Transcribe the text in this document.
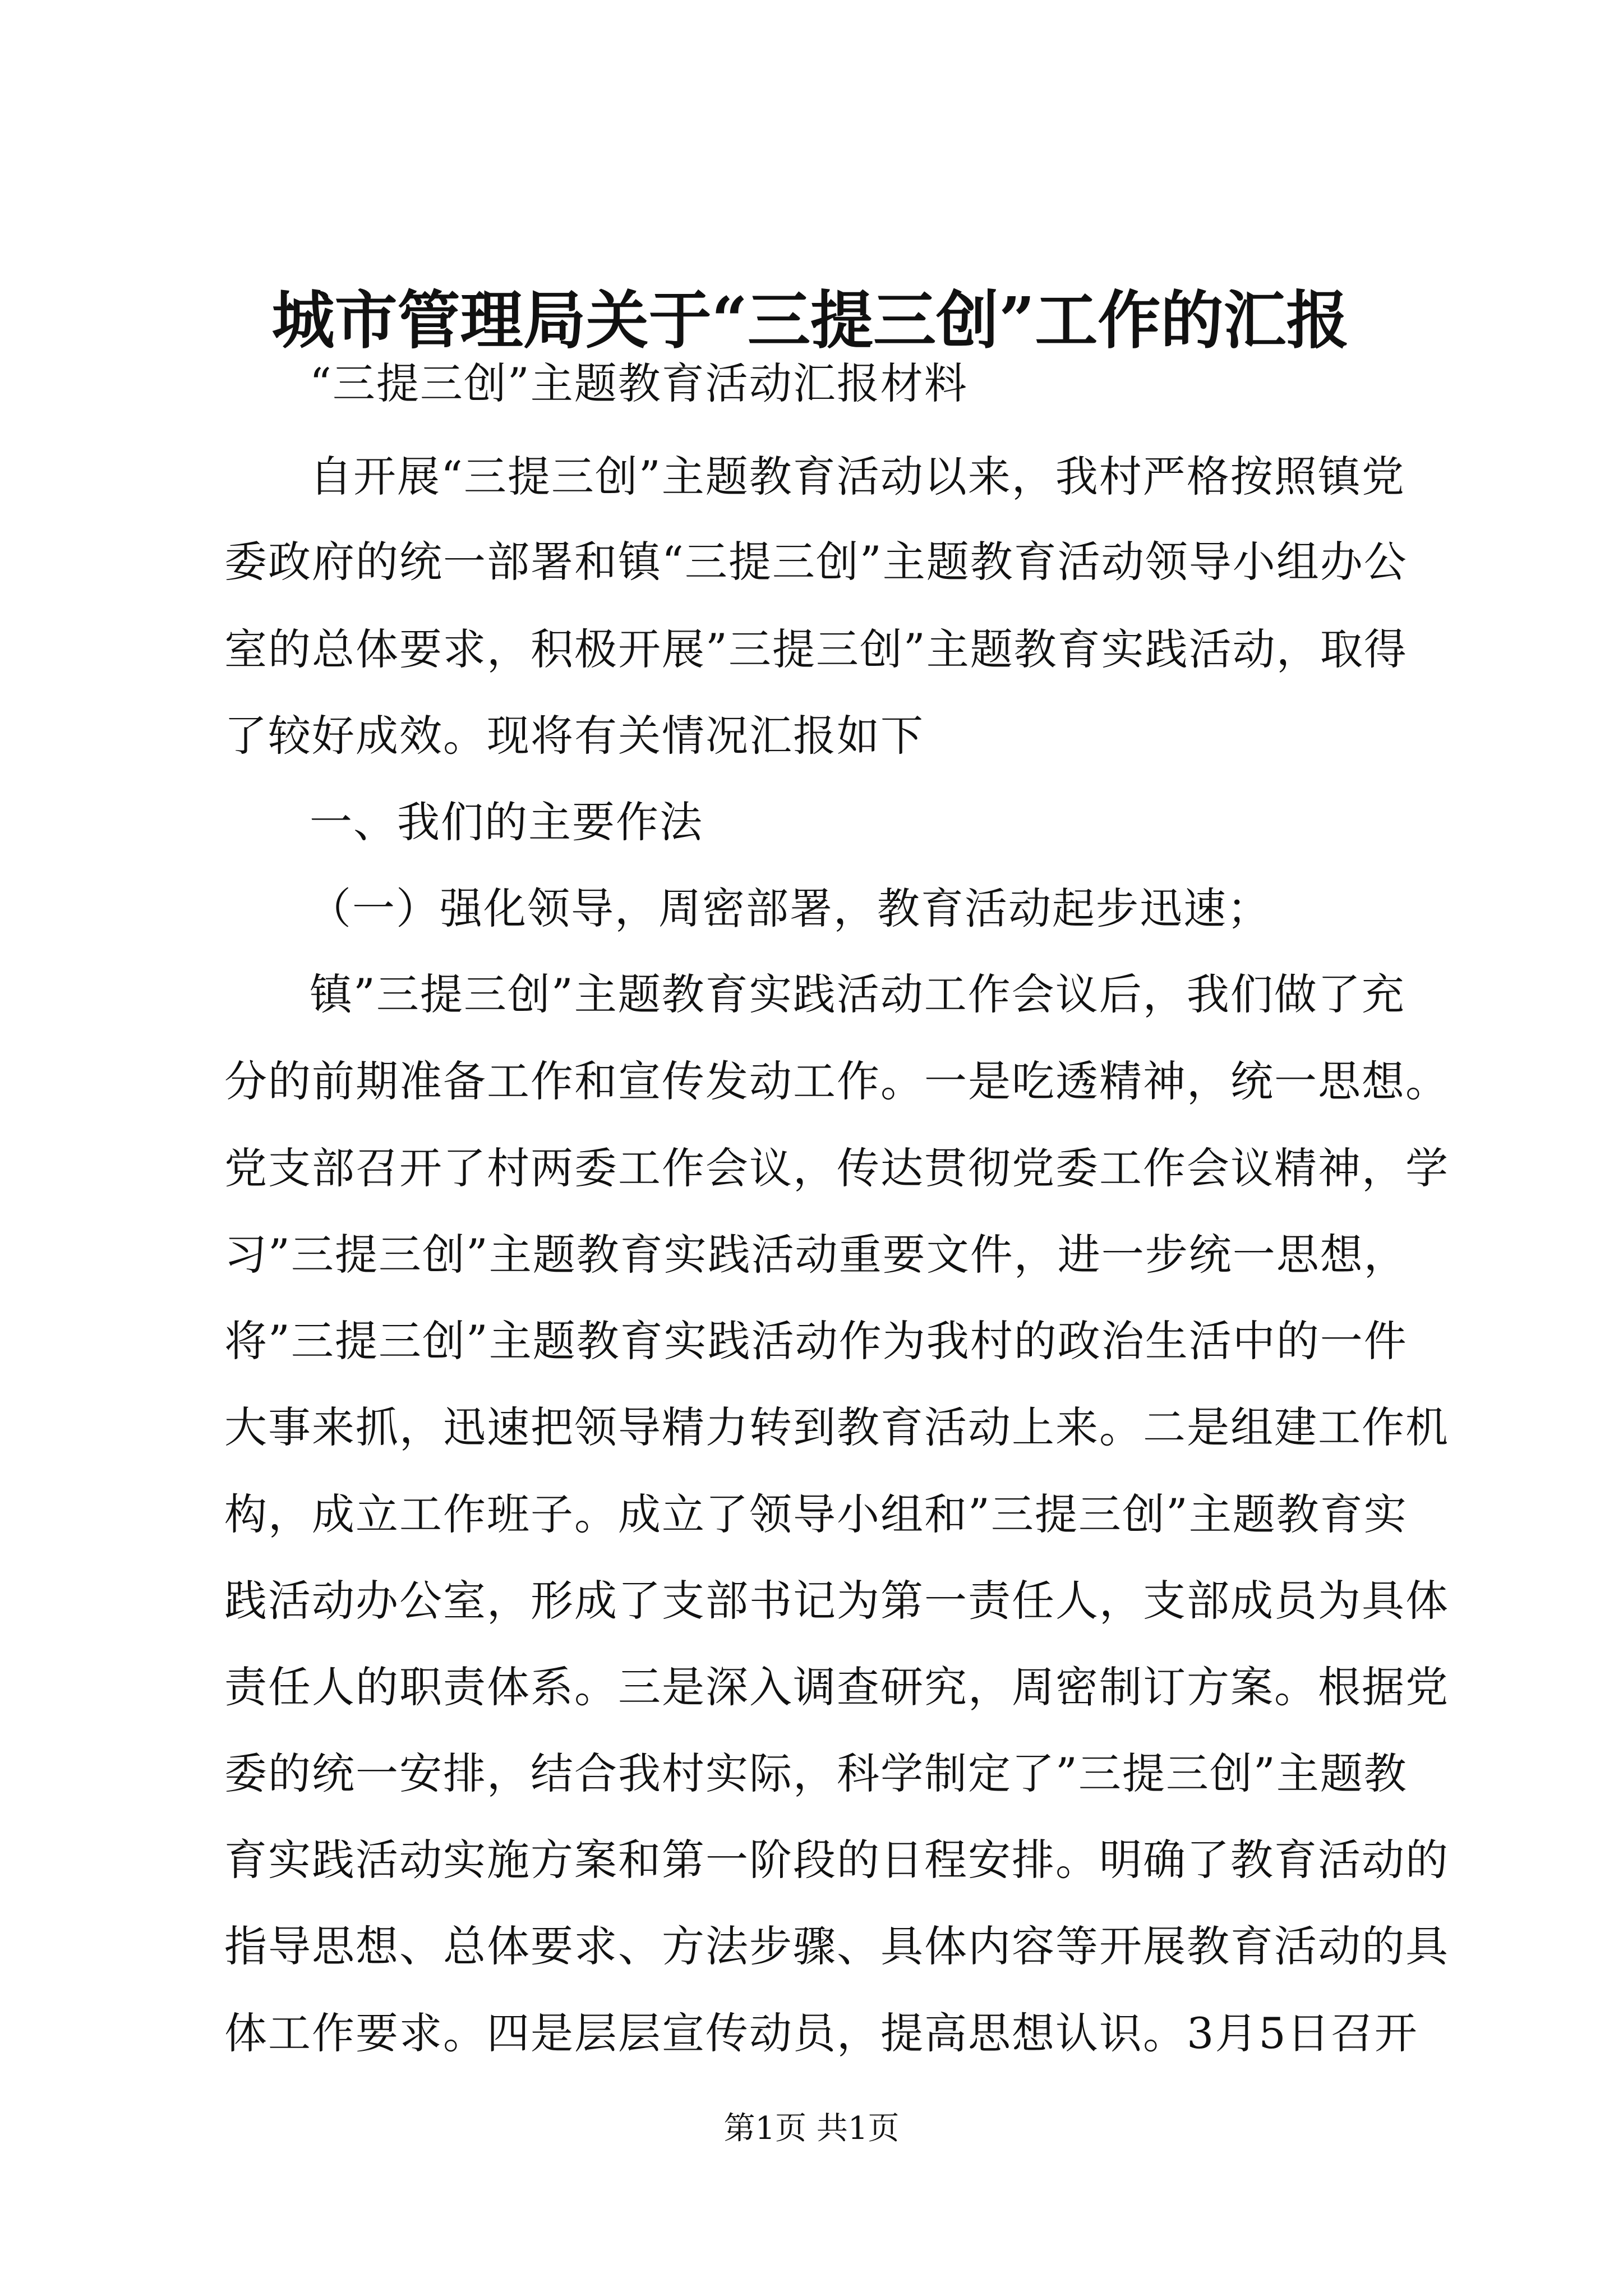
城市管理局关于“三提三创”工作的汇报

“三提三创”主题教育活动汇报材料

自开展“三提三创”主题教育活动以来，我村严格按照镇党

委政府的统一部署和镇“三提三创”主题教育活动领导小组办公

室的总体要求，积极开展”三提三创”主题教育实践活动，取得

了较好成效。现将有关情况汇报如下

一、我们的主要作法

（一）强化领导，周密部署，教育活动起步迅速；

镇”三提三创”主题教育实践活动工作会议后，我们做了充

分的前期准备工作和宣传发动工作。一是吃透精神，统一思想。

党支部召开了村两委工作会议，传达贯彻党委工作会议精神，学

习”三提三创”主题教育实践活动重要文件，进一步统一思想，

将”三提三创”主题教育实践活动作为我村的政治生活中的一件

大事来抓，迅速把领导精力转到教育活动上来。二是组建工作机

构，成立工作班子。成立了领导小组和”三提三创”主题教育实

践活动办公室，形成了支部书记为第一责任人，支部成员为具体

责任人的职责体系。三是深入调查研究，周密制订方案。根据党

委的统一安排，结合我村实际，科学制定了”三提三创”主题教

育实践活动实施方案和第一阶段的日程安排。明确了教育活动的

指导思想、总体要求、方法步骤、具体内容等开展教育活动的具

体工作要求。四是层层宣传动员，提高思想认识。3月5日召开

第1页 共1页
